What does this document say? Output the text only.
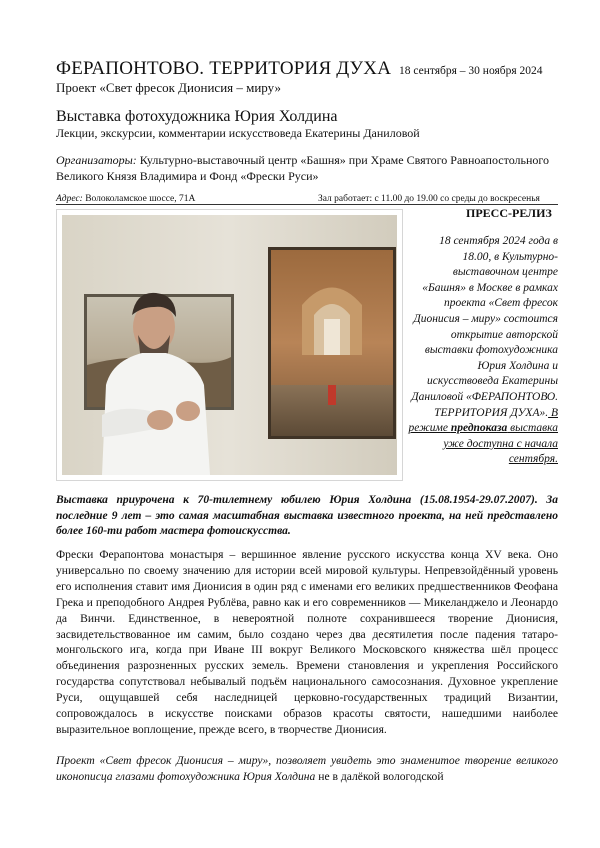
ФЕРАПОНТОВО. ТЕРРИТОРИЯ ДУХА 18 сентября – 30 ноября 2024
Проект «Свет фресок Дионисия – миру»
Выставка фотохудожника Юрия Холдина
Лекции, экскурсии, комментарии искусствоведа Екатерины Даниловой
Организаторы: Культурно-выставочный центр «Башня» при Храме Святого Равноапостольного Великого Князя Владимира и Фонд «Фрески Руси»
Адрес: Волоколамское шоссе, 71А	Зал работает: с 11.00 до 19.00 со среды до воскресенья
ПРЕСС-РЕЛИЗ
18 сентября 2024 года в 18.00, в Культурно-выставочном центре «Башня» в Москве в рамках проекта «Свет фресок Дионисия – миру» состоится открытие авторской выставки фотохудожника Юрия Холдина и искусствоведа Екатерины Даниловой «ФЕРАПОНТОВО. ТЕРРИТОРИЯ ДУХА». В режиме предпоказа выставка уже доступна с начала сентября.
Выставка приурочена к 70-тилетнему юбилею Юрия Холдина (15.08.1954-29.07.2007). За последние 9 лет – это самая масштабная выставка известного проекта, на ней представлено более 160-ти работ мастера фотоискусства.
Фрески Ферапонтова монастыря – вершинное явление русского искусства конца XV века. Оно универсально по своему значению для истории всей мировой культуры. Непревзойдённый уровень его исполнения ставит имя Дионисия в один ряд с именами его великих предшественников Феофана Грека и преподобного Андрея Рублёва, равно как и его современников — Микеланджело и Леонардо да Винчи. Единственное, в невероятной полноте сохранившееся творение Дионисия, засвидетельствованное им самим, было создано через два десятилетия после падения татаро-монгольского ига, когда при Иване III вокруг Великого Московского княжества шёл процесс объединения разрозненных русских земель. Времени становления и укрепления Российского государства сопутствовал небывалый подъём национального самосознания. Духовное укрепление Руси, ощущавшей себя наследницей церковно-государственных традиций Византии, сопровождалось в искусстве поисками образов красоты святости, нашедшими наиболее выразительное воплощение, прежде всего, в творчестве Дионисия.
Проект «Свет фресок Дионисия – миру», позволяет увидеть это знаменитое творение великого иконописца глазами фотохудожника Юрия Холдина не в далёкой вологодской
